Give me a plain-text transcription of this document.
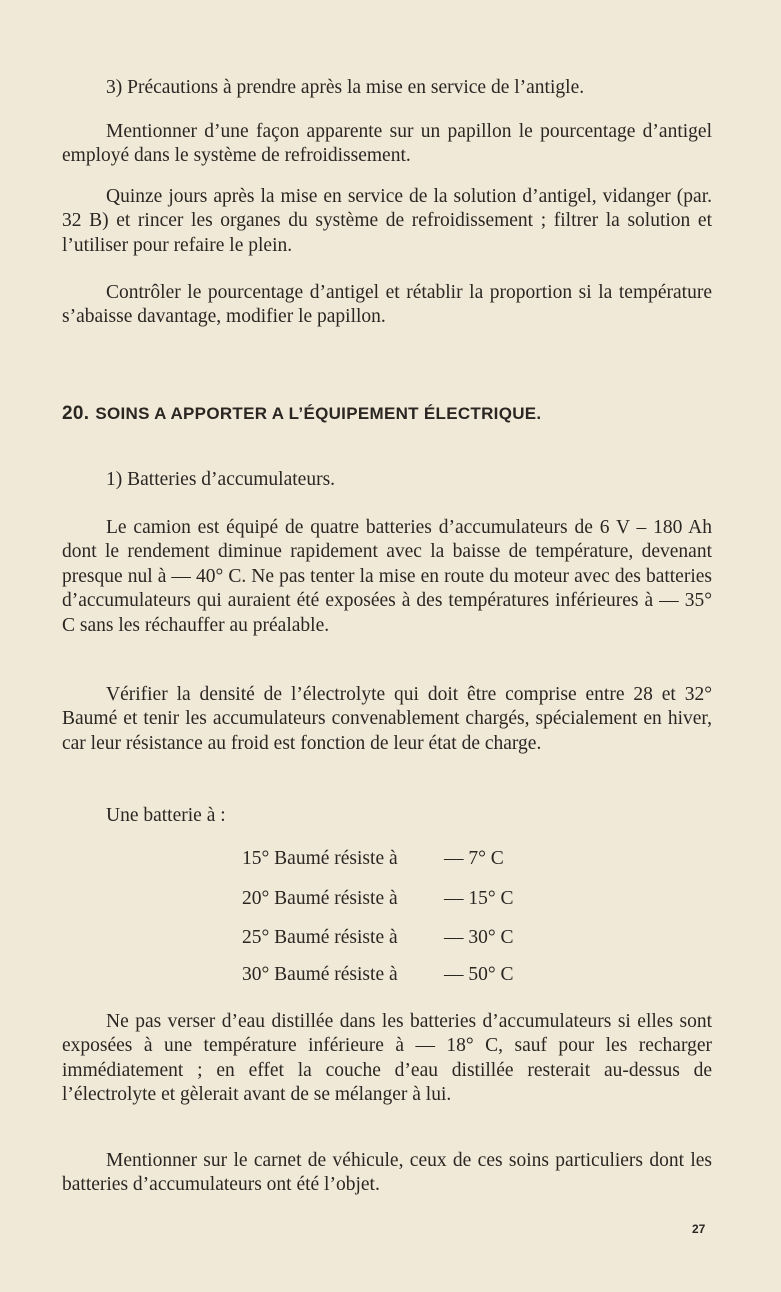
3) Précautions à prendre après la mise en service de l’antigle.

Mentionner d’une façon apparente sur un papillon le pourcentage d’antigel employé dans le système de refroidissement.

Quinze jours après la mise en service de la solution d’antigel, vidanger (par. 32 B) et rincer les organes du système de refroidissement ; filtrer la solution et l’utiliser pour refaire le plein.

Contrôler le pourcentage d’antigel et rétablir la proportion si la température s’abaisse davantage, modifier le papillon.

20. SOINS A APPORTER A L’ÉQUIPEMENT ÉLECTRIQUE.

1) Batteries d’accumulateurs.

Le camion est équipé de quatre batteries d’accumulateurs de 6 V – 180 Ah dont le rendement diminue rapidement avec la baisse de température, devenant presque nul à — 40° C. Ne pas tenter la mise en route du moteur avec des batteries d’accumulateurs qui auraient été exposées à des températures inférieures à — 35° C sans les réchauffer au préalable.

Vérifier la densité de l’électrolyte qui doit être comprise entre 28 et 32° Baumé et tenir les accumulateurs convenablement chargés, spécialement en hiver, car leur résistance au froid est fonction de leur état de charge.

Une batterie à :

15° Baumé résiste à — 7° C
20° Baumé résiste à — 15° C
25° Baumé résiste à — 30° C
30° Baumé résiste à — 50° C

Ne pas verser d’eau distillée dans les batteries d’accumulateurs si elles sont exposées à une température inférieure à — 18° C, sauf pour les recharger immédiatement ; en effet la couche d’eau distillée resterait au-dessus de l’électrolyte et gèlerait avant de se mélanger à lui.

Mentionner sur le carnet de véhicule, ceux de ces soins particuliers dont les batteries d’accumulateurs ont été l’objet.

27
